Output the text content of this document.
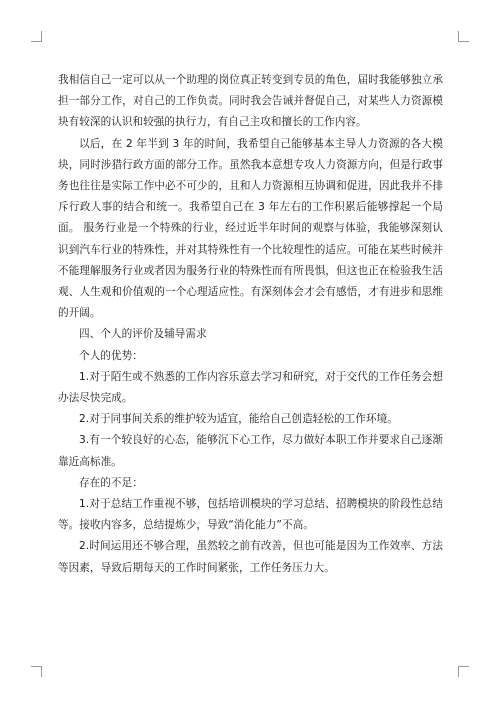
我相信自己一定可以从一个助理的岗位真正转变到专员的角色，届时我能够独立承担一部分工作，对自己的工作负责。同时我会告诫并督促自己，对某些人力资源模块有较深的认识和较强的执行力，有自己主攻和擅长的工作内容。

以后，在 2 年半到 3 年的时间，我希望自己能够基本主导人力资源的各大模块，同时涉猎行政方面的部分工作。虽然我本意想专攻人力资源方向，但是行政事务也往往是实际工作中必不可少的，且和人力资源相互协调和促进，因此我并不排斥行政人事的结合和统一。我希望自己在 3 年左右的工作积累后能够撑起一个局面。 服务行业是一个特殊的行业，经过近半年时间的观察与体验，我能够深刻认识到汽车行业的特殊性，并对其特殊性有一个比较理性的适应。可能在某些时候并不能理解服务行业或者因为服务行业的特殊性而有所畏惧，但这也正在检验我生活观、人生观和价值观的一个心理适应性。有深刻体会才会有感悟，才有进步和思维的开阔。

四、个人的评价及辅导需求

个人的优势：

1.对于陌生或不熟悉的工作内容乐意去学习和研究，对于交代的工作任务会想办法尽快完成。

2.对于同事间关系的维护较为适宜，能给自己创造轻松的工作环境。

3.有一个较良好的心态，能够沉下心工作，尽力做好本职工作并要求自己逐渐靠近高标准。

存在的不足：

1.对于总结工作重视不够，包括培训模块的学习总结、招聘模块的阶段性总结等。接收内容多，总结提炼少，导致“消化能力”不高。

2.时间运用还不够合理，虽然较之前有改善，但也可能是因为工作效率、方法等因素，导致后期每天的工作时间紧张，工作任务压力大。
